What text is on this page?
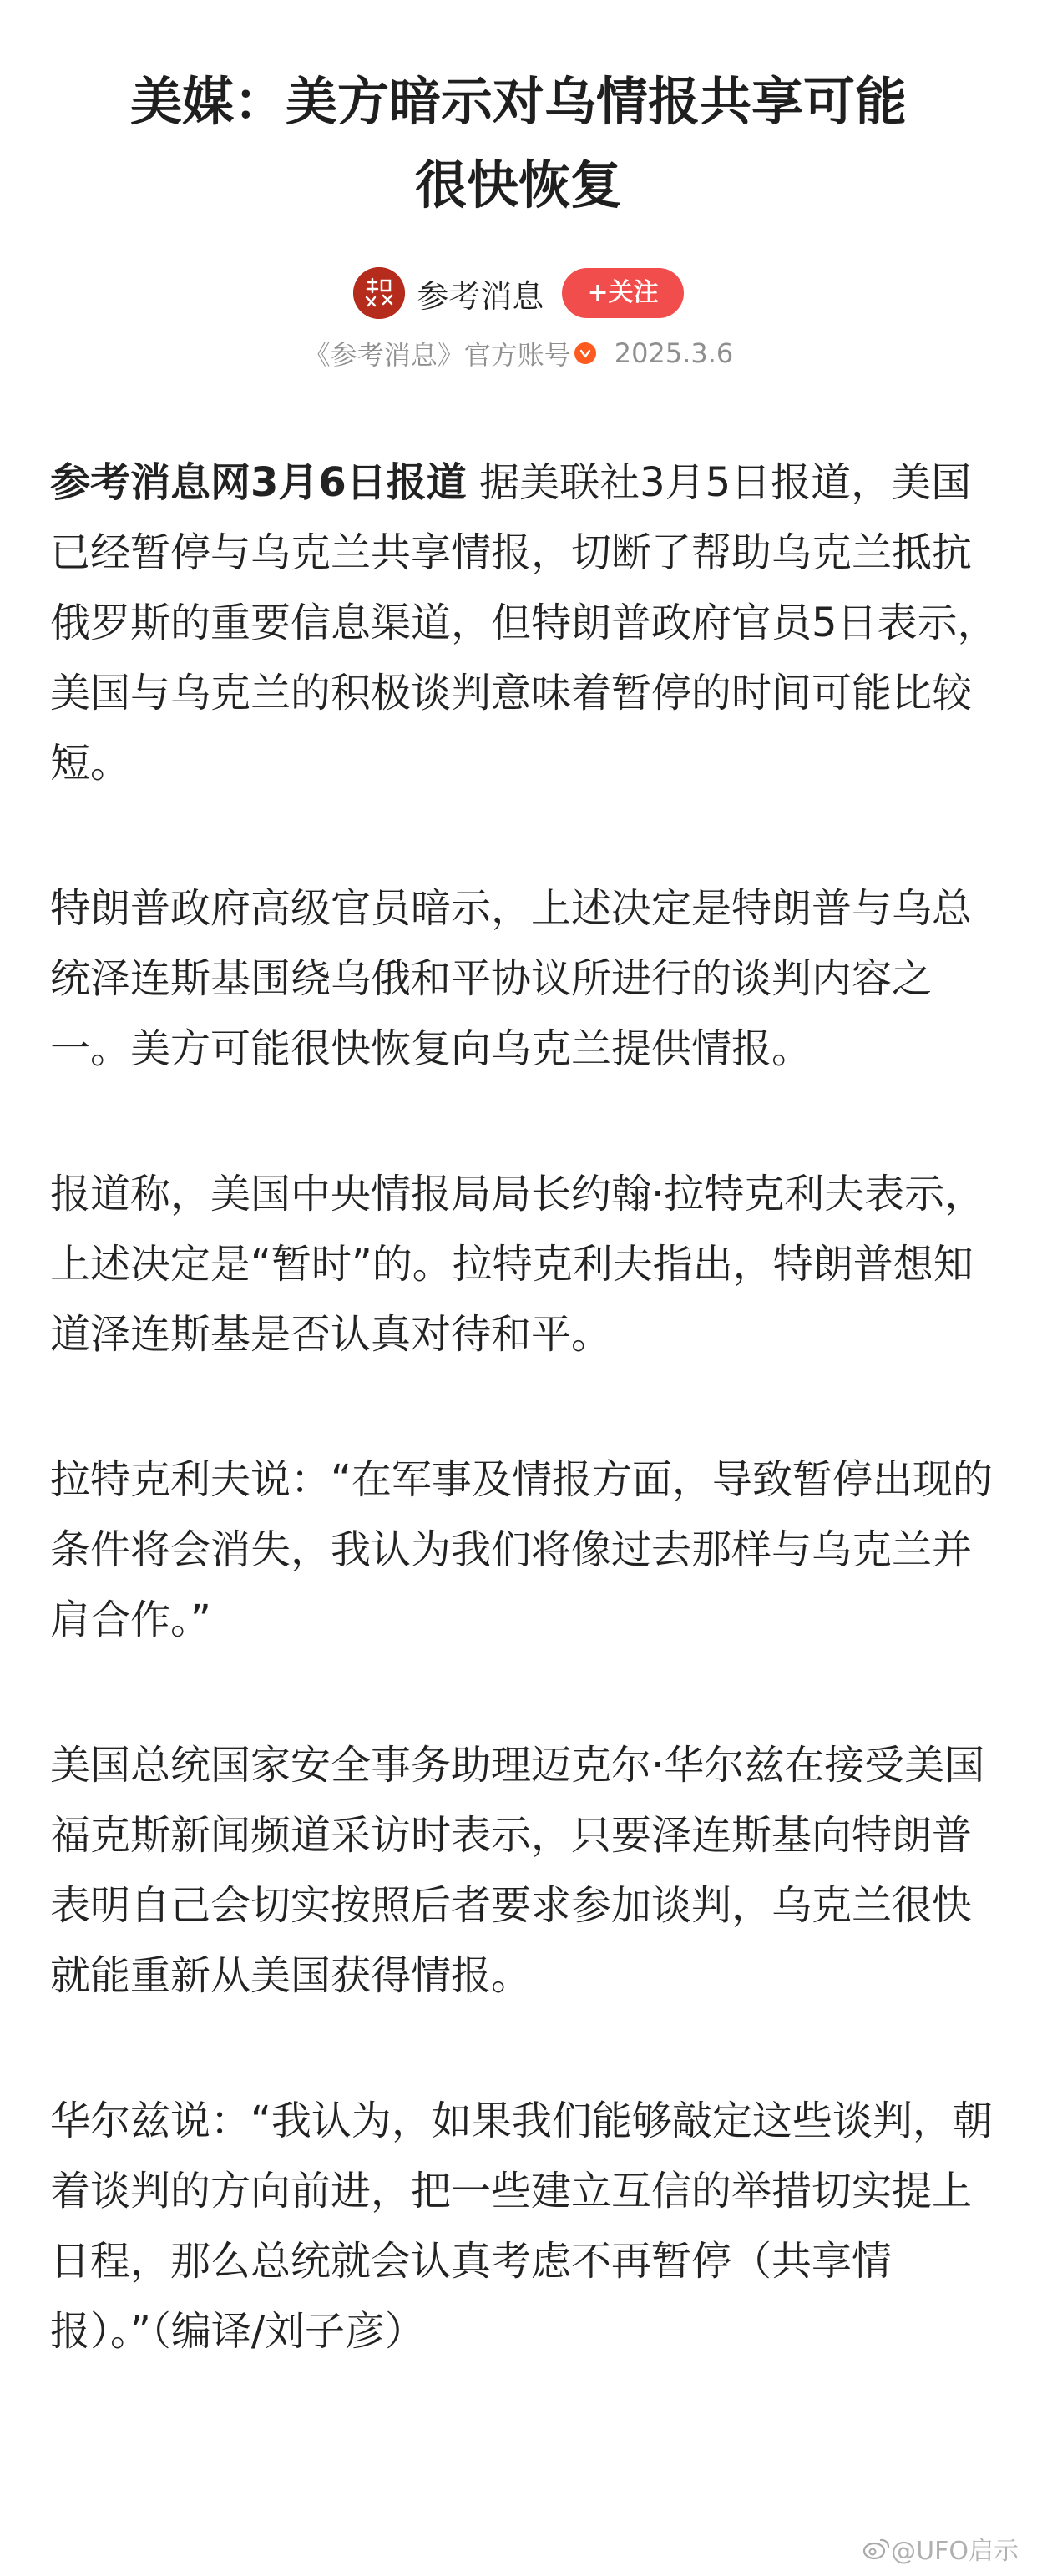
美媒：美方暗示对乌情报共享可能很快恢复
参考消息	+关注
《参考消息》官方账号 2025.3.6

参考消息网3月6日报道 据美联社3月5日报道，美国已经暂停与乌克兰共享情报，切断了帮助乌克兰抵抗俄罗斯的重要信息渠道，但特朗普政府官员5日表示，美国与乌克兰的积极谈判意味着暂停的时间可能比较短。

特朗普政府高级官员暗示，上述决定是特朗普与乌总统泽连斯基围绕乌俄和平协议所进行的谈判内容之一。美方可能很快恢复向乌克兰提供情报。

报道称，美国中央情报局局长约翰·拉特克利夫表示，上述决定是“暂时”的。拉特克利夫指出，特朗普想知道泽连斯基是否认真对待和平。

拉特克利夫说：“在军事及情报方面，导致暂停出现的条件将会消失，我认为我们将像过去那样与乌克兰并肩合作。”

美国总统国家安全事务助理迈克尔·华尔兹在接受美国福克斯新闻频道采访时表示，只要泽连斯基向特朗普表明自己会切实按照后者要求参加谈判，乌克兰很快就能重新从美国获得情报。

华尔兹说：“我认为，如果我们能够敲定这些谈判，朝着谈判的方向前进，把一些建立互信的举措切实提上日程，那么总统就会认真考虑不再暂停（共享情报）。”（编译/刘子彦）

@UFO启示
